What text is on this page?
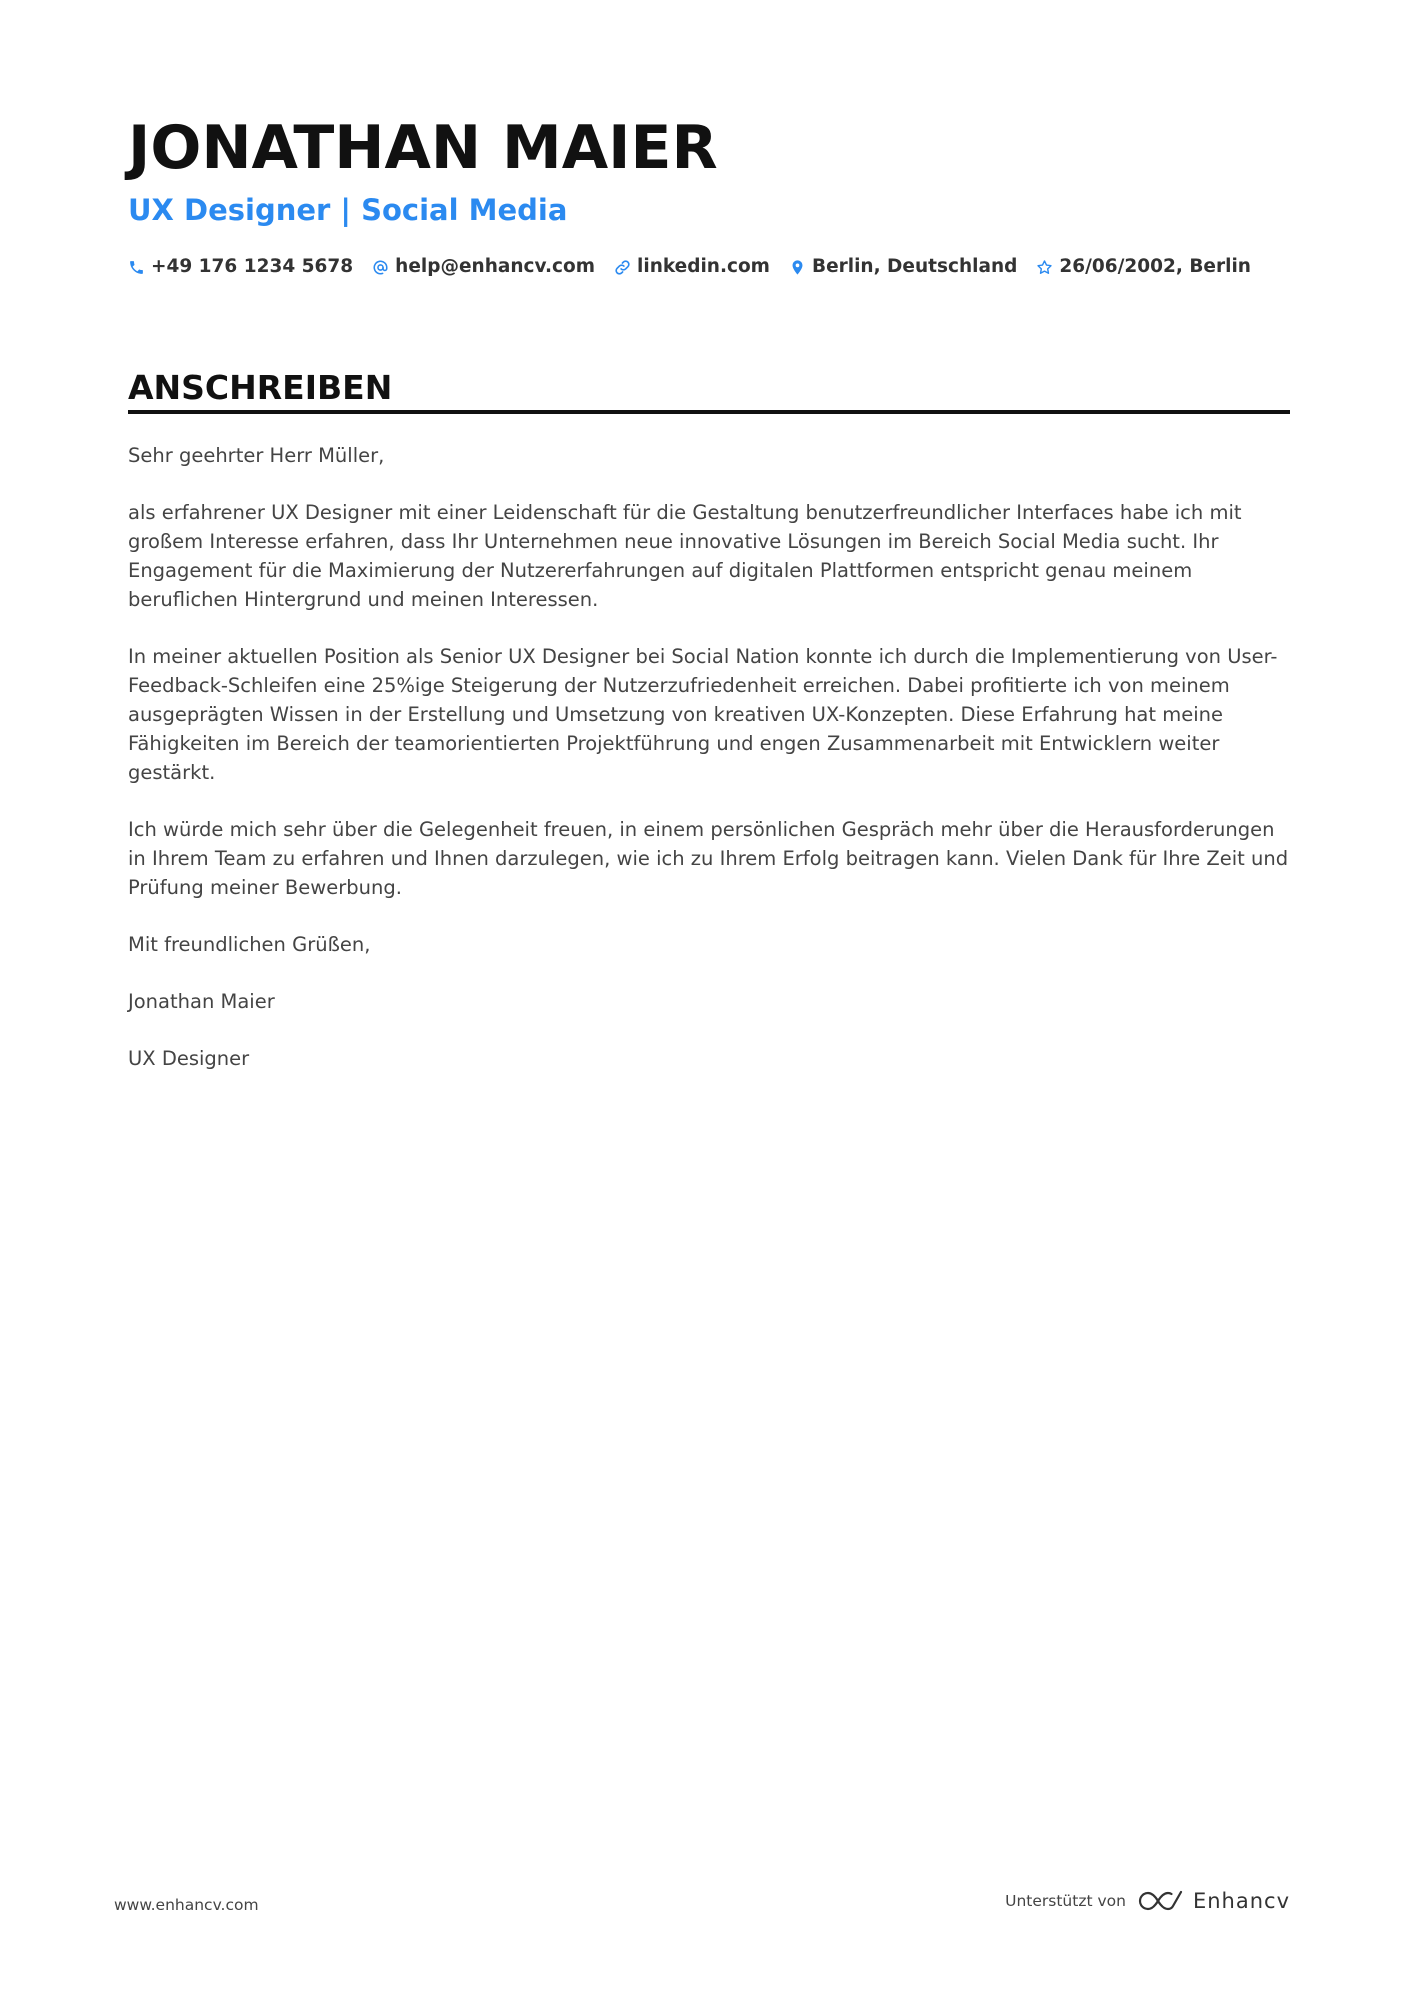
JONATHAN MAIER
UX Designer | Social Media
+49 176 1234 5678 help@enhancv.com linkedin.com Berlin, Deutschland 26/06/2002, Berlin
ANSCHREIBEN

Sehr geehrter Herr Müller,

als erfahrener UX Designer mit einer Leidenschaft für die Gestaltung benutzerfreundlicher Interfaces habe ich mit großem Interesse erfahren, dass Ihr Unternehmen neue innovative Lösungen im Bereich Social Media sucht. Ihr Engagement für die Maximierung der Nutzererfahrungen auf digitalen Plattformen entspricht genau meinem beruflichen Hintergrund und meinen Interessen.

In meiner aktuellen Position als Senior UX Designer bei Social Nation konnte ich durch die Implementierung von User-Feedback-Schleifen eine 25%ige Steigerung der Nutzerzufriedenheit erreichen. Dabei profitierte ich von meinem ausgeprägten Wissen in der Erstellung und Umsetzung von kreativen UX-Konzepten. Diese Erfahrung hat meine Fähigkeiten im Bereich der teamorientierten Projektführung und engen Zusammenarbeit mit Entwicklern weiter gestärkt.

Ich würde mich sehr über die Gelegenheit freuen, in einem persönlichen Gespräch mehr über die Herausforderungen in Ihrem Team zu erfahren und Ihnen darzulegen, wie ich zu Ihrem Erfolg beitragen kann. Vielen Dank für Ihre Zeit und Prüfung meiner Bewerbung.

Mit freundlichen Grüßen,

Jonathan Maier

UX Designer

www.enhancv.com	Unterstützt von	Enhancv
